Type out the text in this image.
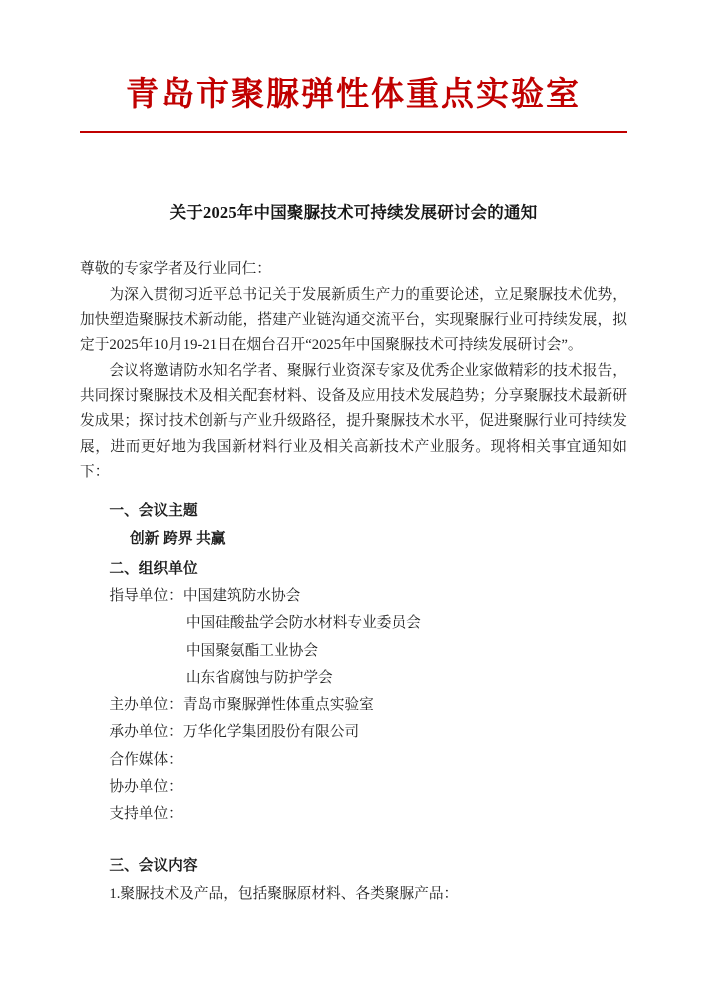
青岛市聚脲弹性体重点实验室
关于2025年中国聚脲技术可持续发展研讨会的通知

尊敬的专家学者及行业同仁：

为深入贯彻习近平总书记关于发展新质生产力的重要论述，立足聚脲技术优势，加快塑造聚脲技术新动能，搭建产业链沟通交流平台，实现聚脲行业可持续发展，拟定于2025年10月19-21日在烟台召开“2025年中国聚脲技术可持续发展研讨会”。

会议将邀请防水知名学者、聚脲行业资深专家及优秀企业家做精彩的技术报告，共同探讨聚脲技术及相关配套材料、设备及应用技术发展趋势；分享聚脲技术最新研发成果；探讨技术创新与产业升级路径，提升聚脲技术水平，促进聚脲行业可持续发展，进而更好地为我国新材料行业及相关高新技术产业服务。现将相关事宜通知如下：

一、会议主题

创新 跨界 共赢

二、组织单位

指导单位：中国建筑防水协会

中国硅酸盐学会防水材料专业委员会

中国聚氨酯工业协会

山东省腐蚀与防护学会

主办单位：青岛市聚脲弹性体重点实验室

承办单位：万华化学集团股份有限公司

合作媒体：

协办单位：

支持单位：

三、会议内容

1.聚脲技术及产品，包括聚脲原材料、各类聚脲产品：
